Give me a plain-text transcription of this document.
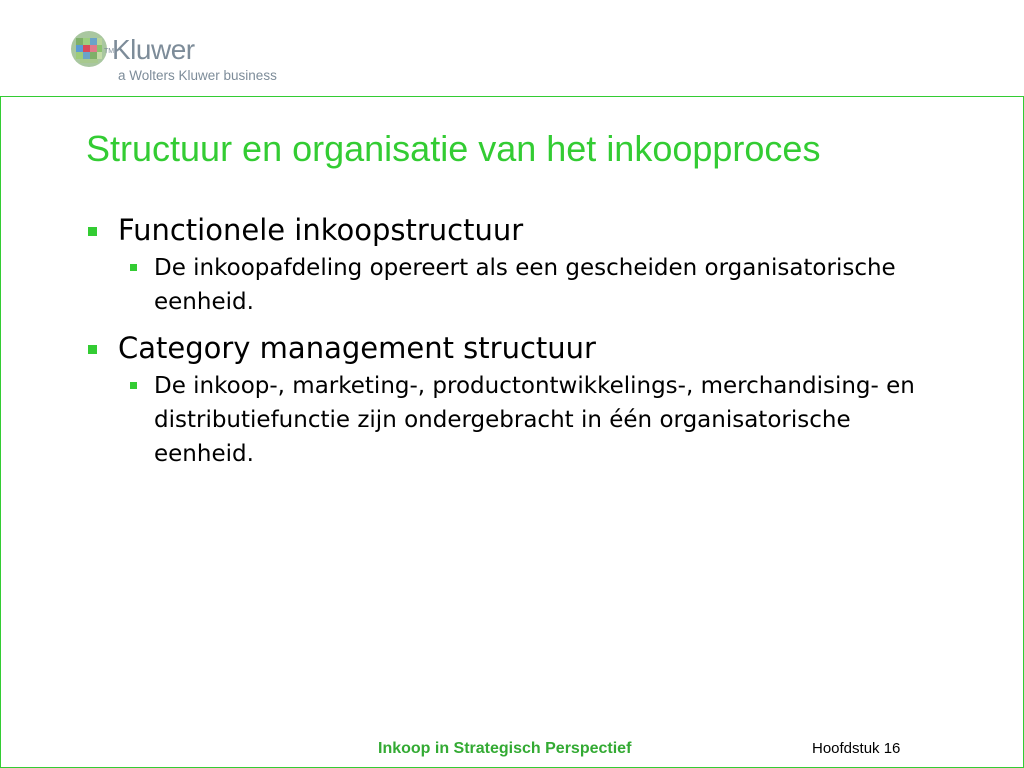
TM
Kluwer
a Wolters Kluwer business
Structuur en organisatie van het inkoopproces
Functionele inkoopstructuur
De inkoopafdeling opereert als een gescheiden organisatorische eenheid.
Category management structuur
De inkoop-, marketing-, productontwikkelings-, merchandising- en distributiefunctie zijn ondergebracht in één organisatorische eenheid.
Inkoop in Strategisch Perspectief	Hoofdstuk 16
